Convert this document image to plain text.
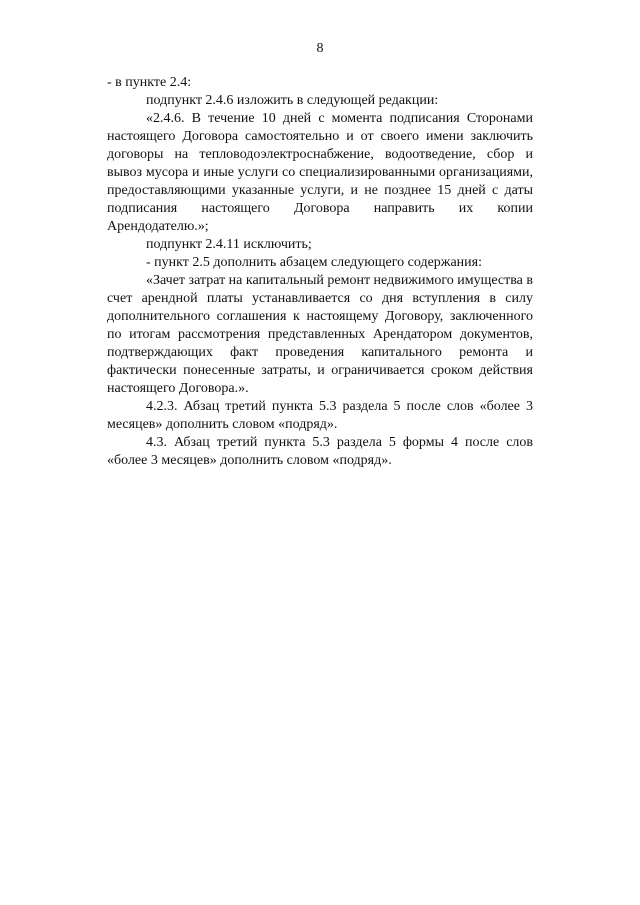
8

- в пункте 2.4:

подпункт 2.4.6 изложить в следующей редакции:

«2.4.6. В течение 10 дней с момента подписания Сторонами настоящего Договора самостоятельно и от своего имени заключить договоры на тепловодоэлектроснабжение, водоотведение, сбор и вывоз мусора и иные услуги со специализированными организациями, предоставляющими указанные услуги, и не позднее 15 дней с даты подписания настоящего Договора направить их копии Арендодателю.»;

подпункт 2.4.11 исключить;

- пункт 2.5 дополнить абзацем следующего содержания:

«Зачет затрат на капитальный ремонт недвижимого имущества в счет арендной платы устанавливается со дня вступления в силу дополнительного соглашения к настоящему Договору, заключенного по итогам рассмотрения представленных Арендатором документов, подтверждающих факт проведения капитального ремонта и фактически понесенные затраты, и ограничивается сроком действия настоящего Договора.».

4.2.3. Абзац третий пункта 5.3 раздела 5 после слов «более 3 месяцев» дополнить словом «подряд».

4.3. Абзац третий пункта 5.3 раздела 5 формы 4 после слов «более 3 месяцев» дополнить словом «подряд».
